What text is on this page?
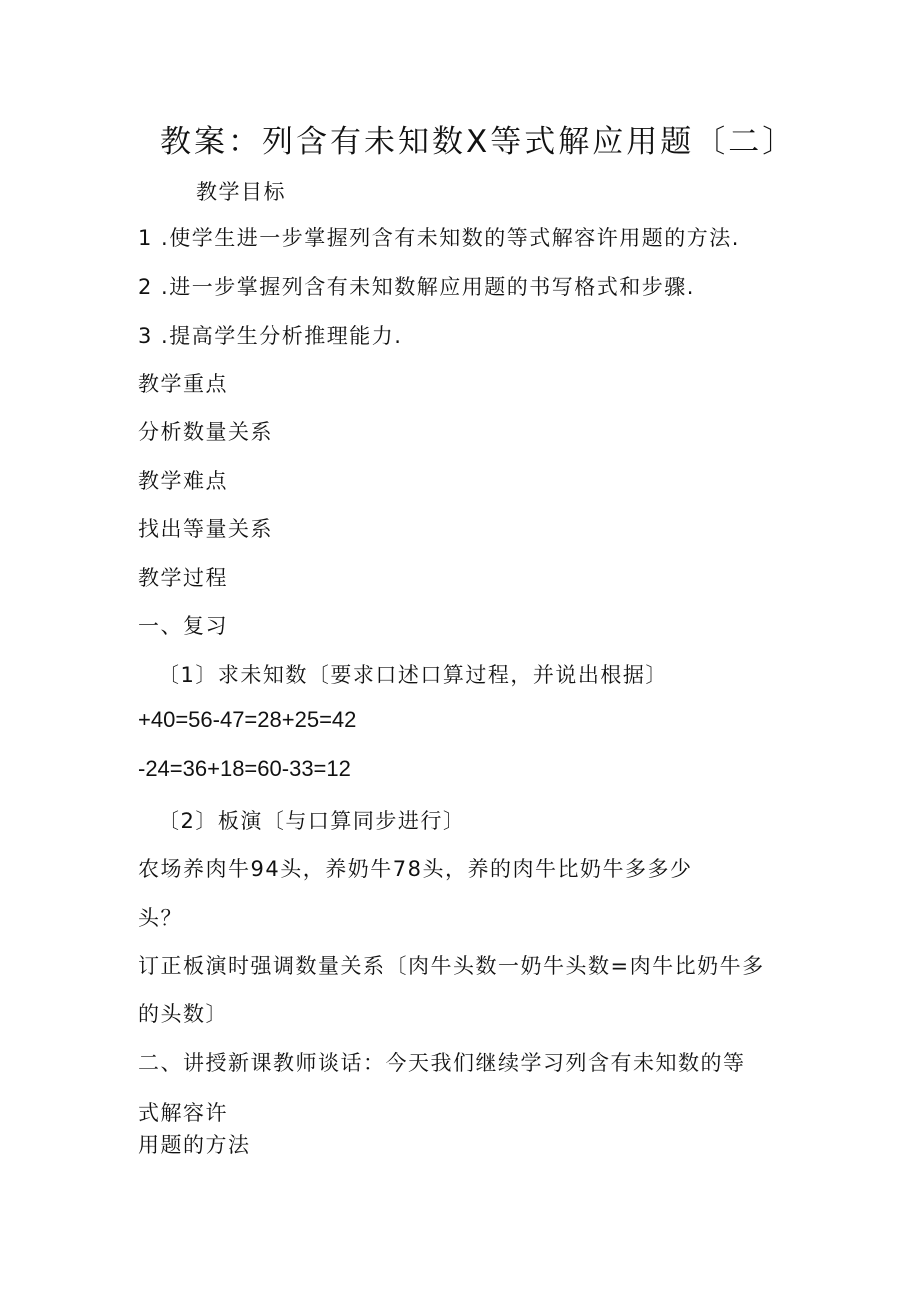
教案：列含有未知数X等式解应用题〔二〕
教学目标
1 .使学生进一步掌握列含有未知数的等式解容许用题的方法.
2 .进一步掌握列含有未知数解应用题的书写格式和步骤.
3 .提高学生分析推理能力.
教学重点
分析数量关系
教学难点
找出等量关系
教学过程
一、复习
〔1〕求未知数〔要求口述口算过程，并说出根据〕
+40=56-47=28+25=42
-24=36+18=60-33=12
〔2〕板演〔与口算同步进行〕
农场养肉牛94头，养奶牛78头，养的肉牛比奶牛多多少
头？
订正板演时强调数量关系〔肉牛头数一奶牛头数=肉牛比奶牛多
的头数〕
二、讲授新课教师谈话：今天我们继续学习列含有未知数的等
式解容许
用题的方法
